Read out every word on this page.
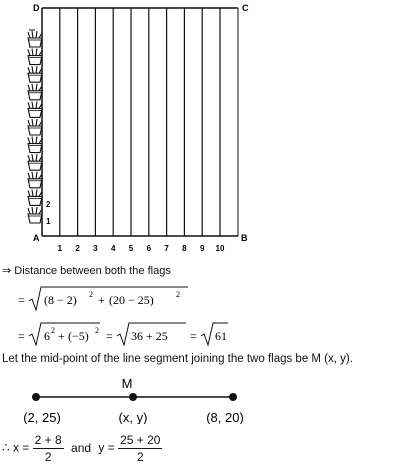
1 2 3 4 5 6 7 8 9 10
D	C
A	B
1
2
⇒ Distance between both the flags
= (8 − 2) 2 + (20 − 25)	2
= 6 2 + (−5) 2 = 36 + 25 = 61
Let the mid-point of the line segment joining the two flags be M (x, y).
M
(2, 25)	(x, y)	(8, 20)
∴ $x = \frac{2 + 8}{2}$ and $y = \frac{25 + 20}{2}$
